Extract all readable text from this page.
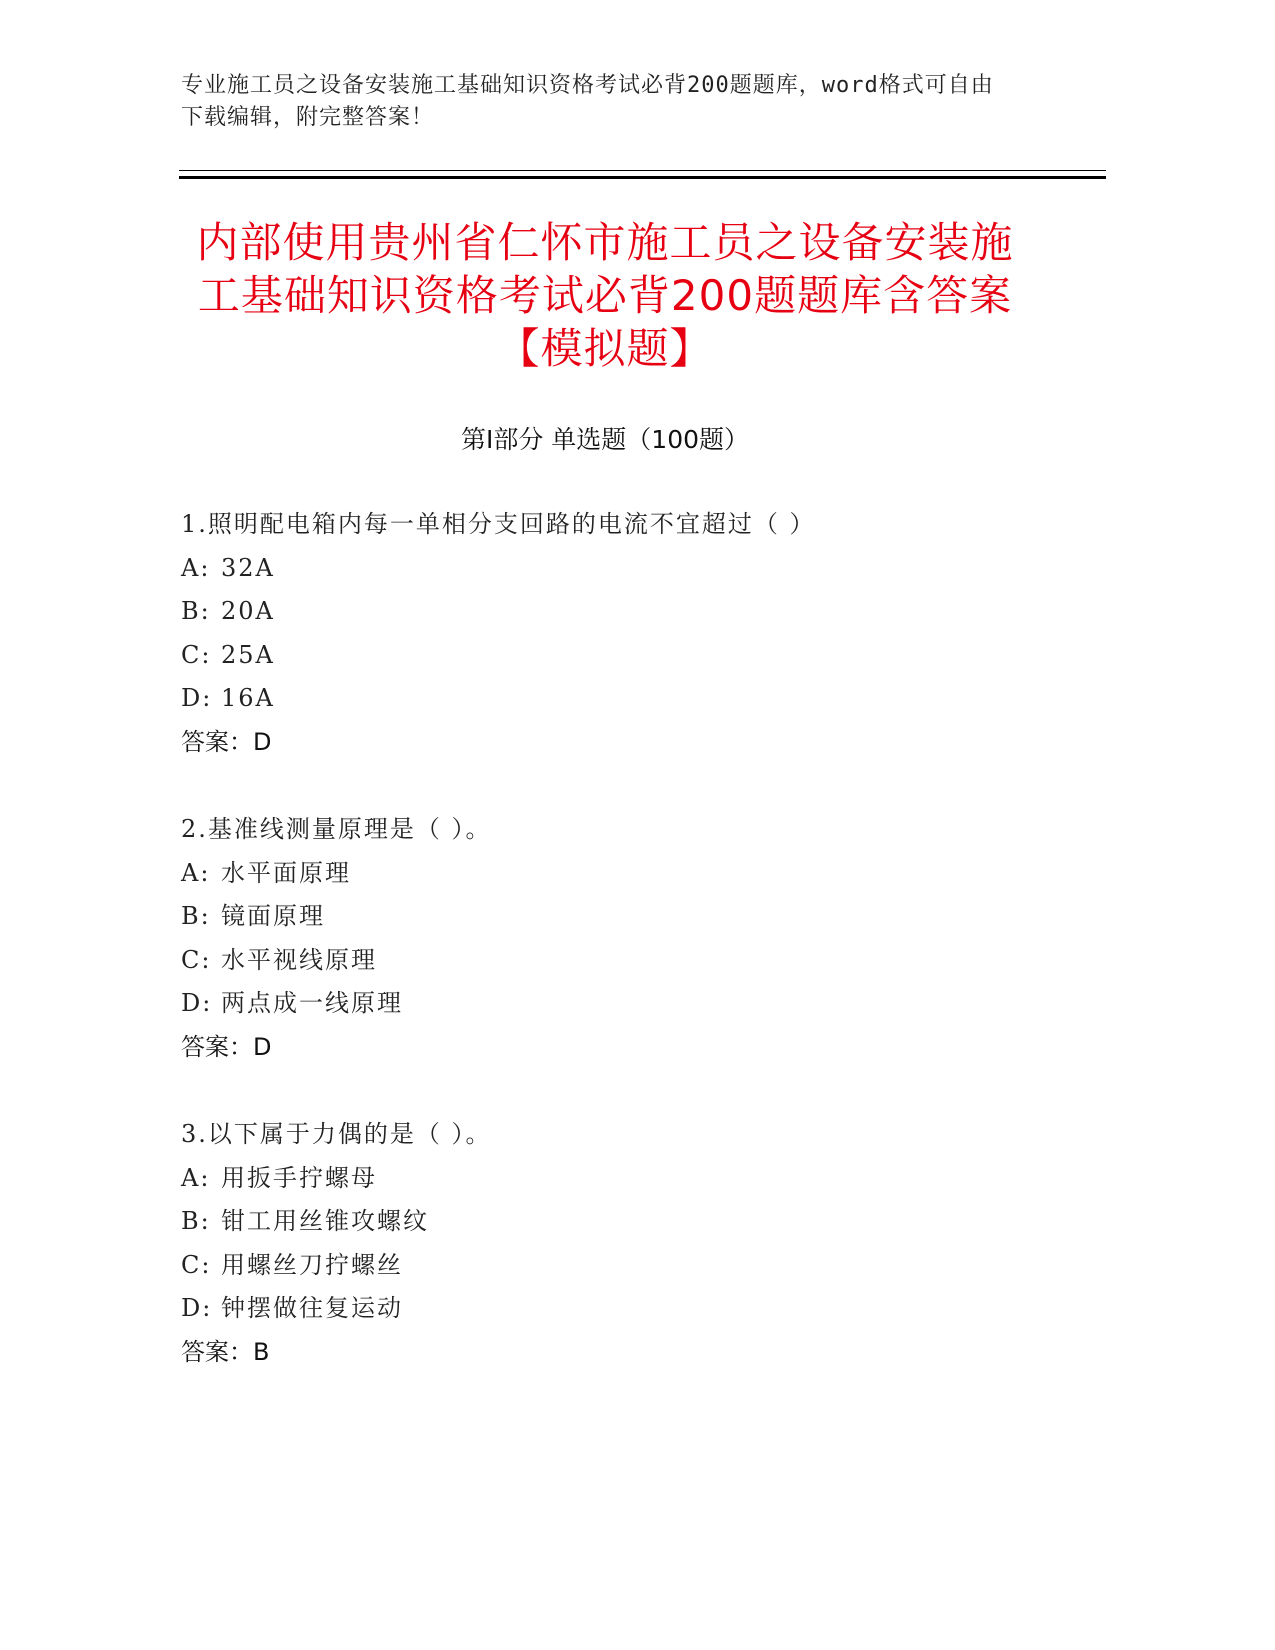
专业施工员之设备安装施工基础知识资格考试必背200题题库，word格式可自由
下载编辑，附完整答案！
内部使用贵州省仁怀市施工员之设备安装施
工基础知识资格考试必背200题题库含答案
【模拟题】
第Ⅰ部分 单选题（100题）
1.照明配电箱内每一单相分支回路的电流不宜超过（ ）
A: 32A
B: 20A
C: 25A
D: 16A
答案：D
2.基准线测量原理是（ ）。
A: 水平面原理
B: 镜面原理
C: 水平视线原理
D: 两点成一线原理
答案：D
3.以下属于力偶的是（ ）。
A: 用扳手拧螺母
B: 钳工用丝锥攻螺纹
C: 用螺丝刀拧螺丝
D: 钟摆做往复运动
答案：B
